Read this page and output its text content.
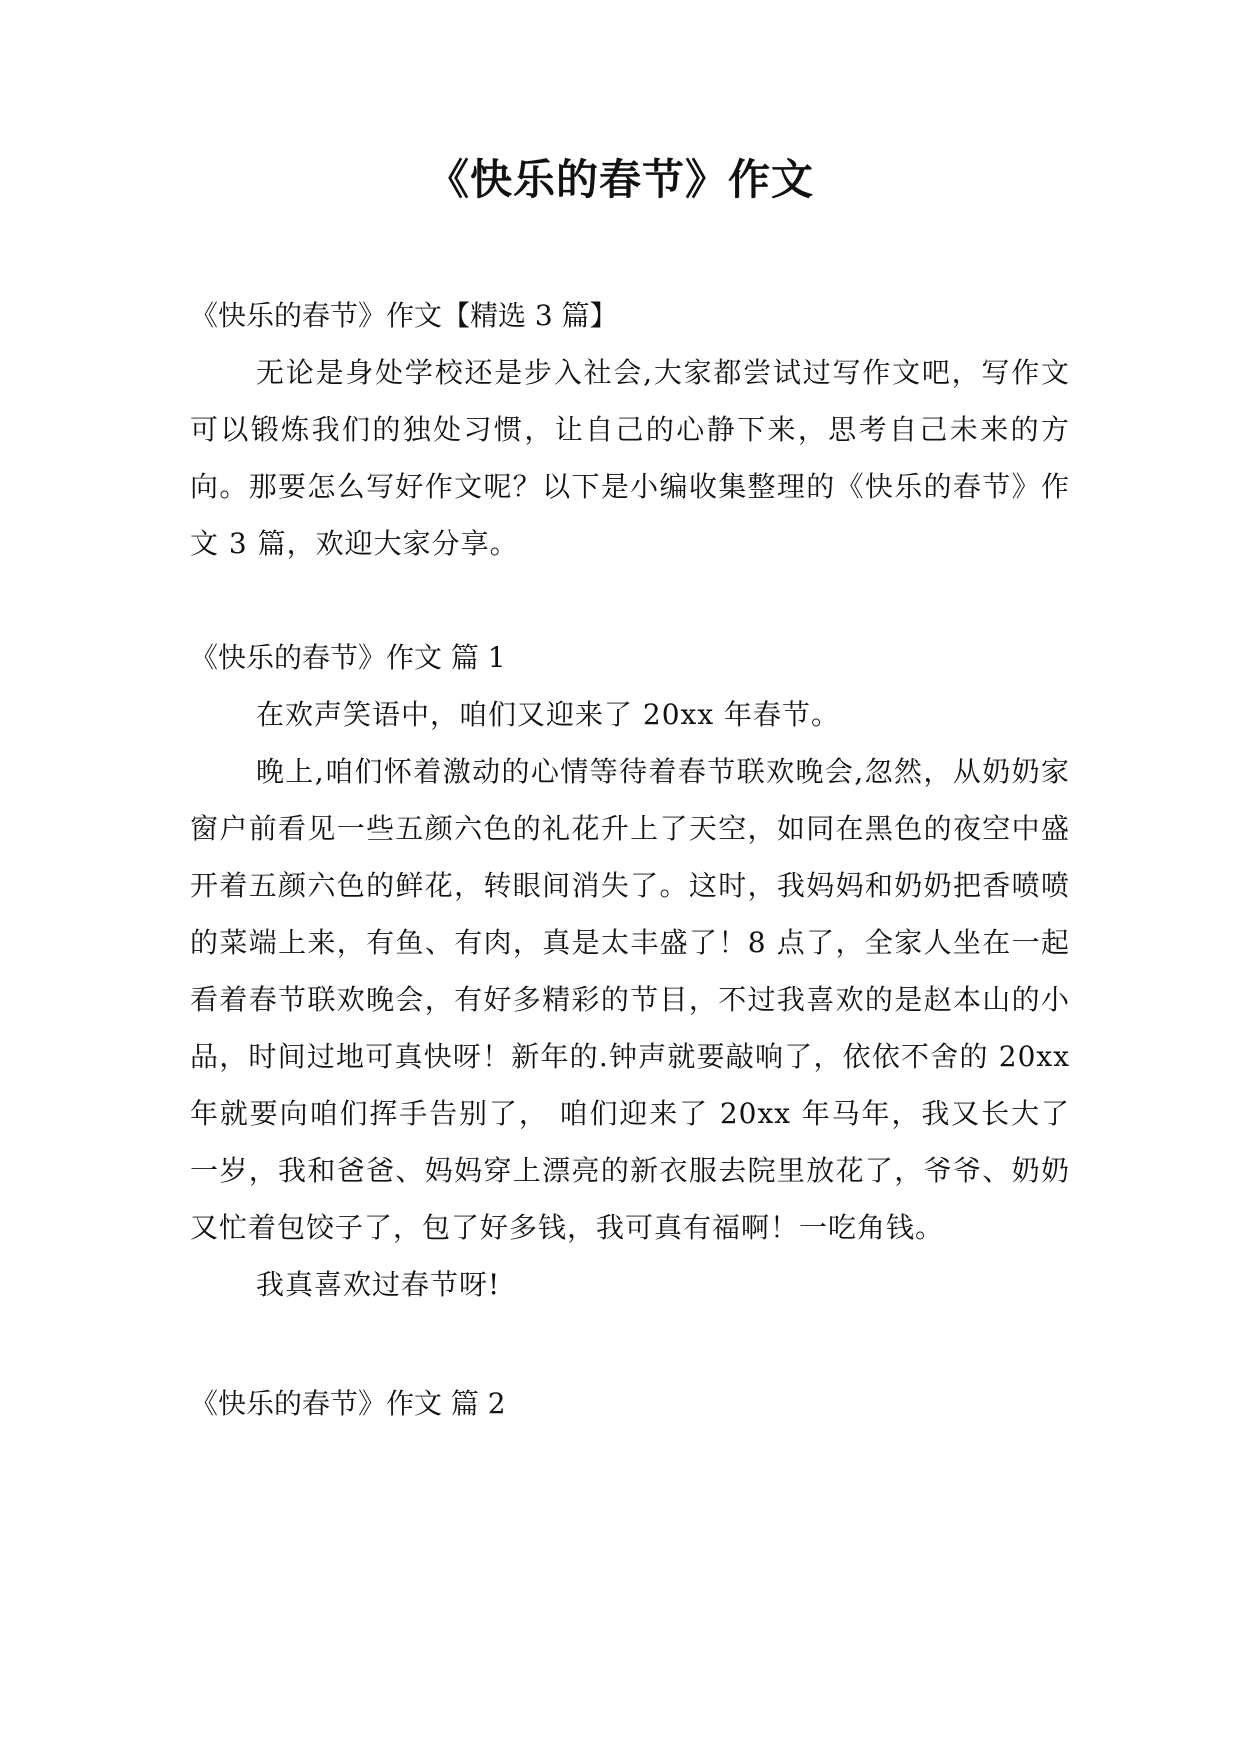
《快乐的春节》作文

《快乐的春节》作文【精选 3 篇】

无论是身处学校还是步入社会,大家都尝试过写作文吧，写作文可以锻炼我们的独处习惯，让自己的心静下来，思考自己未来的方向。那要怎么写好作文呢？以下是小编收集整理的《快乐的春节》作文 3 篇，欢迎大家分享。

《快乐的春节》作文 篇 1

在欢声笑语中，咱们又迎来了 20xx 年春节。

晚上,咱们怀着激动的心情等待着春节联欢晚会,忽然，从奶奶家窗户前看见一些五颜六色的礼花升上了天空，如同在黑色的夜空中盛开着五颜六色的鲜花，转眼间消失了。这时，我妈妈和奶奶把香喷喷的菜端上来，有鱼、有肉，真是太丰盛了！8 点了，全家人坐在一起看着春节联欢晚会，有好多精彩的节目，不过我喜欢的是赵本山的小品，时间过地可真快呀！新年的.钟声就要敲响了，依依不舍的 20xx 年就要向咱们挥手告别了， 咱们迎来了 20xx 年马年，我又长大了一岁，我和爸爸、妈妈穿上漂亮的新衣服去院里放花了，爷爷、奶奶又忙着包饺子了，包了好多钱，我可真有福啊！一吃角钱。

我真喜欢过春节呀!

《快乐的春节》作文 篇 2
